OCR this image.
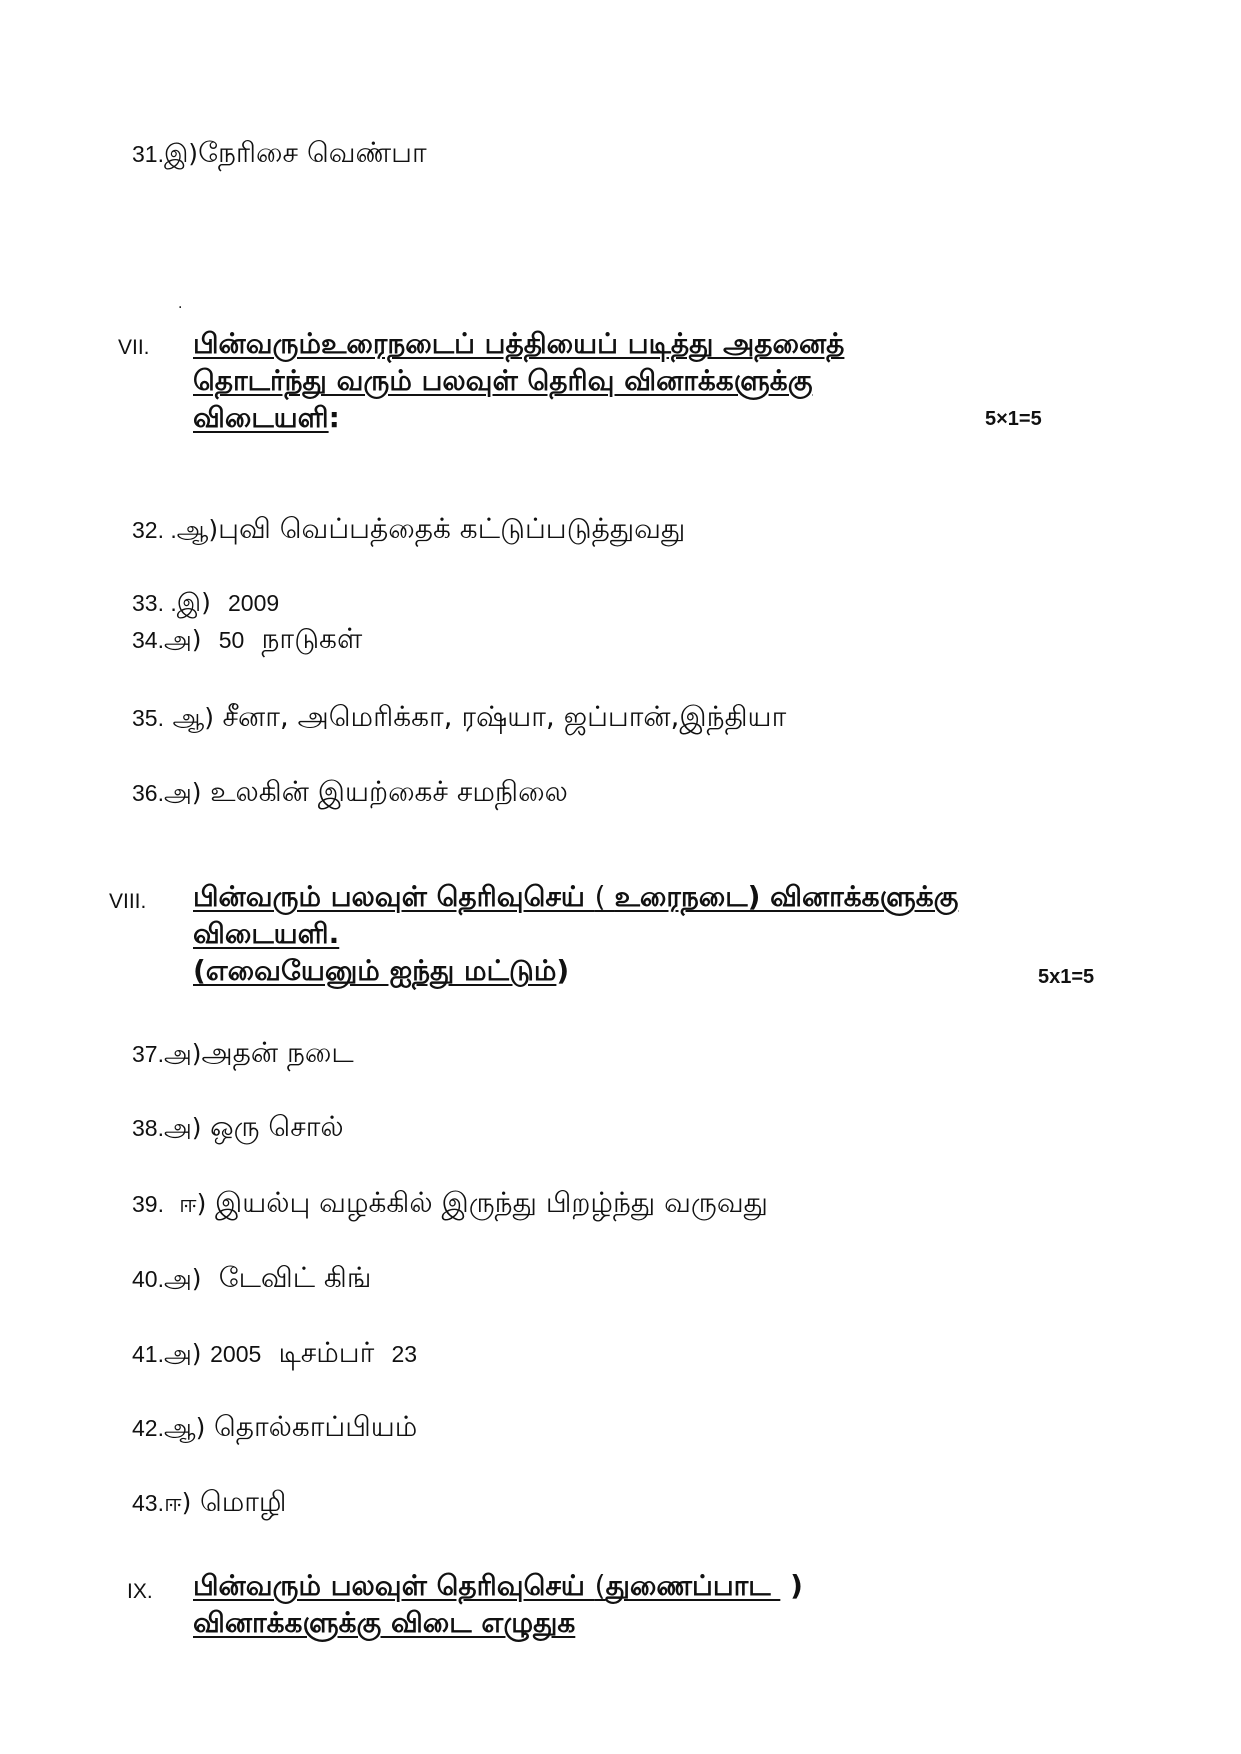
31.இ)நேரிசை வெண்பா
.
VII. பின்வரும்உரைநடைப் பத்தியைப் படித்து அதனைத்
தொடர்ந்து வரும் பலவுள் தெரிவு வினாக்களுக்கு
விடையளி:	5×1=5
32. .ஆ)புவி வெப்பத்தைக் கட்டுப்படுத்துவது
33. .இ) 2009
34.அ) 50 நாடுகள்
35. ஆ) சீனா, அமெரிக்கா, ரஷ்யா, ஜப்பான்,இந்தியா
36.அ) உலகின் இயற்கைச் சமநிலை
VIII. பின்வரும் பலவுள் தெரிவுசெய் ( உரைநடை) வினாக்களுக்கு
விடையளி.
(எவையேனும் ஐந்து மட்டும்)	5x1=5
37.அ)அதன் நடை
38.அ) ஒரு சொல்
39.  ஈ) இயல்பு வழக்கில் இருந்து பிறழ்ந்து வருவது
40.அ) டேவிட் கிங்
41.அ) 2005 டிசம்பர் 23
42.ஆ) தொல்காப்பியம்
43.ஈ) மொழி
IX. பின்வரும் பலவுள் தெரிவுசெய் (துணைப்பாட  )
வினாக்களுக்கு விடை எழுதுக
